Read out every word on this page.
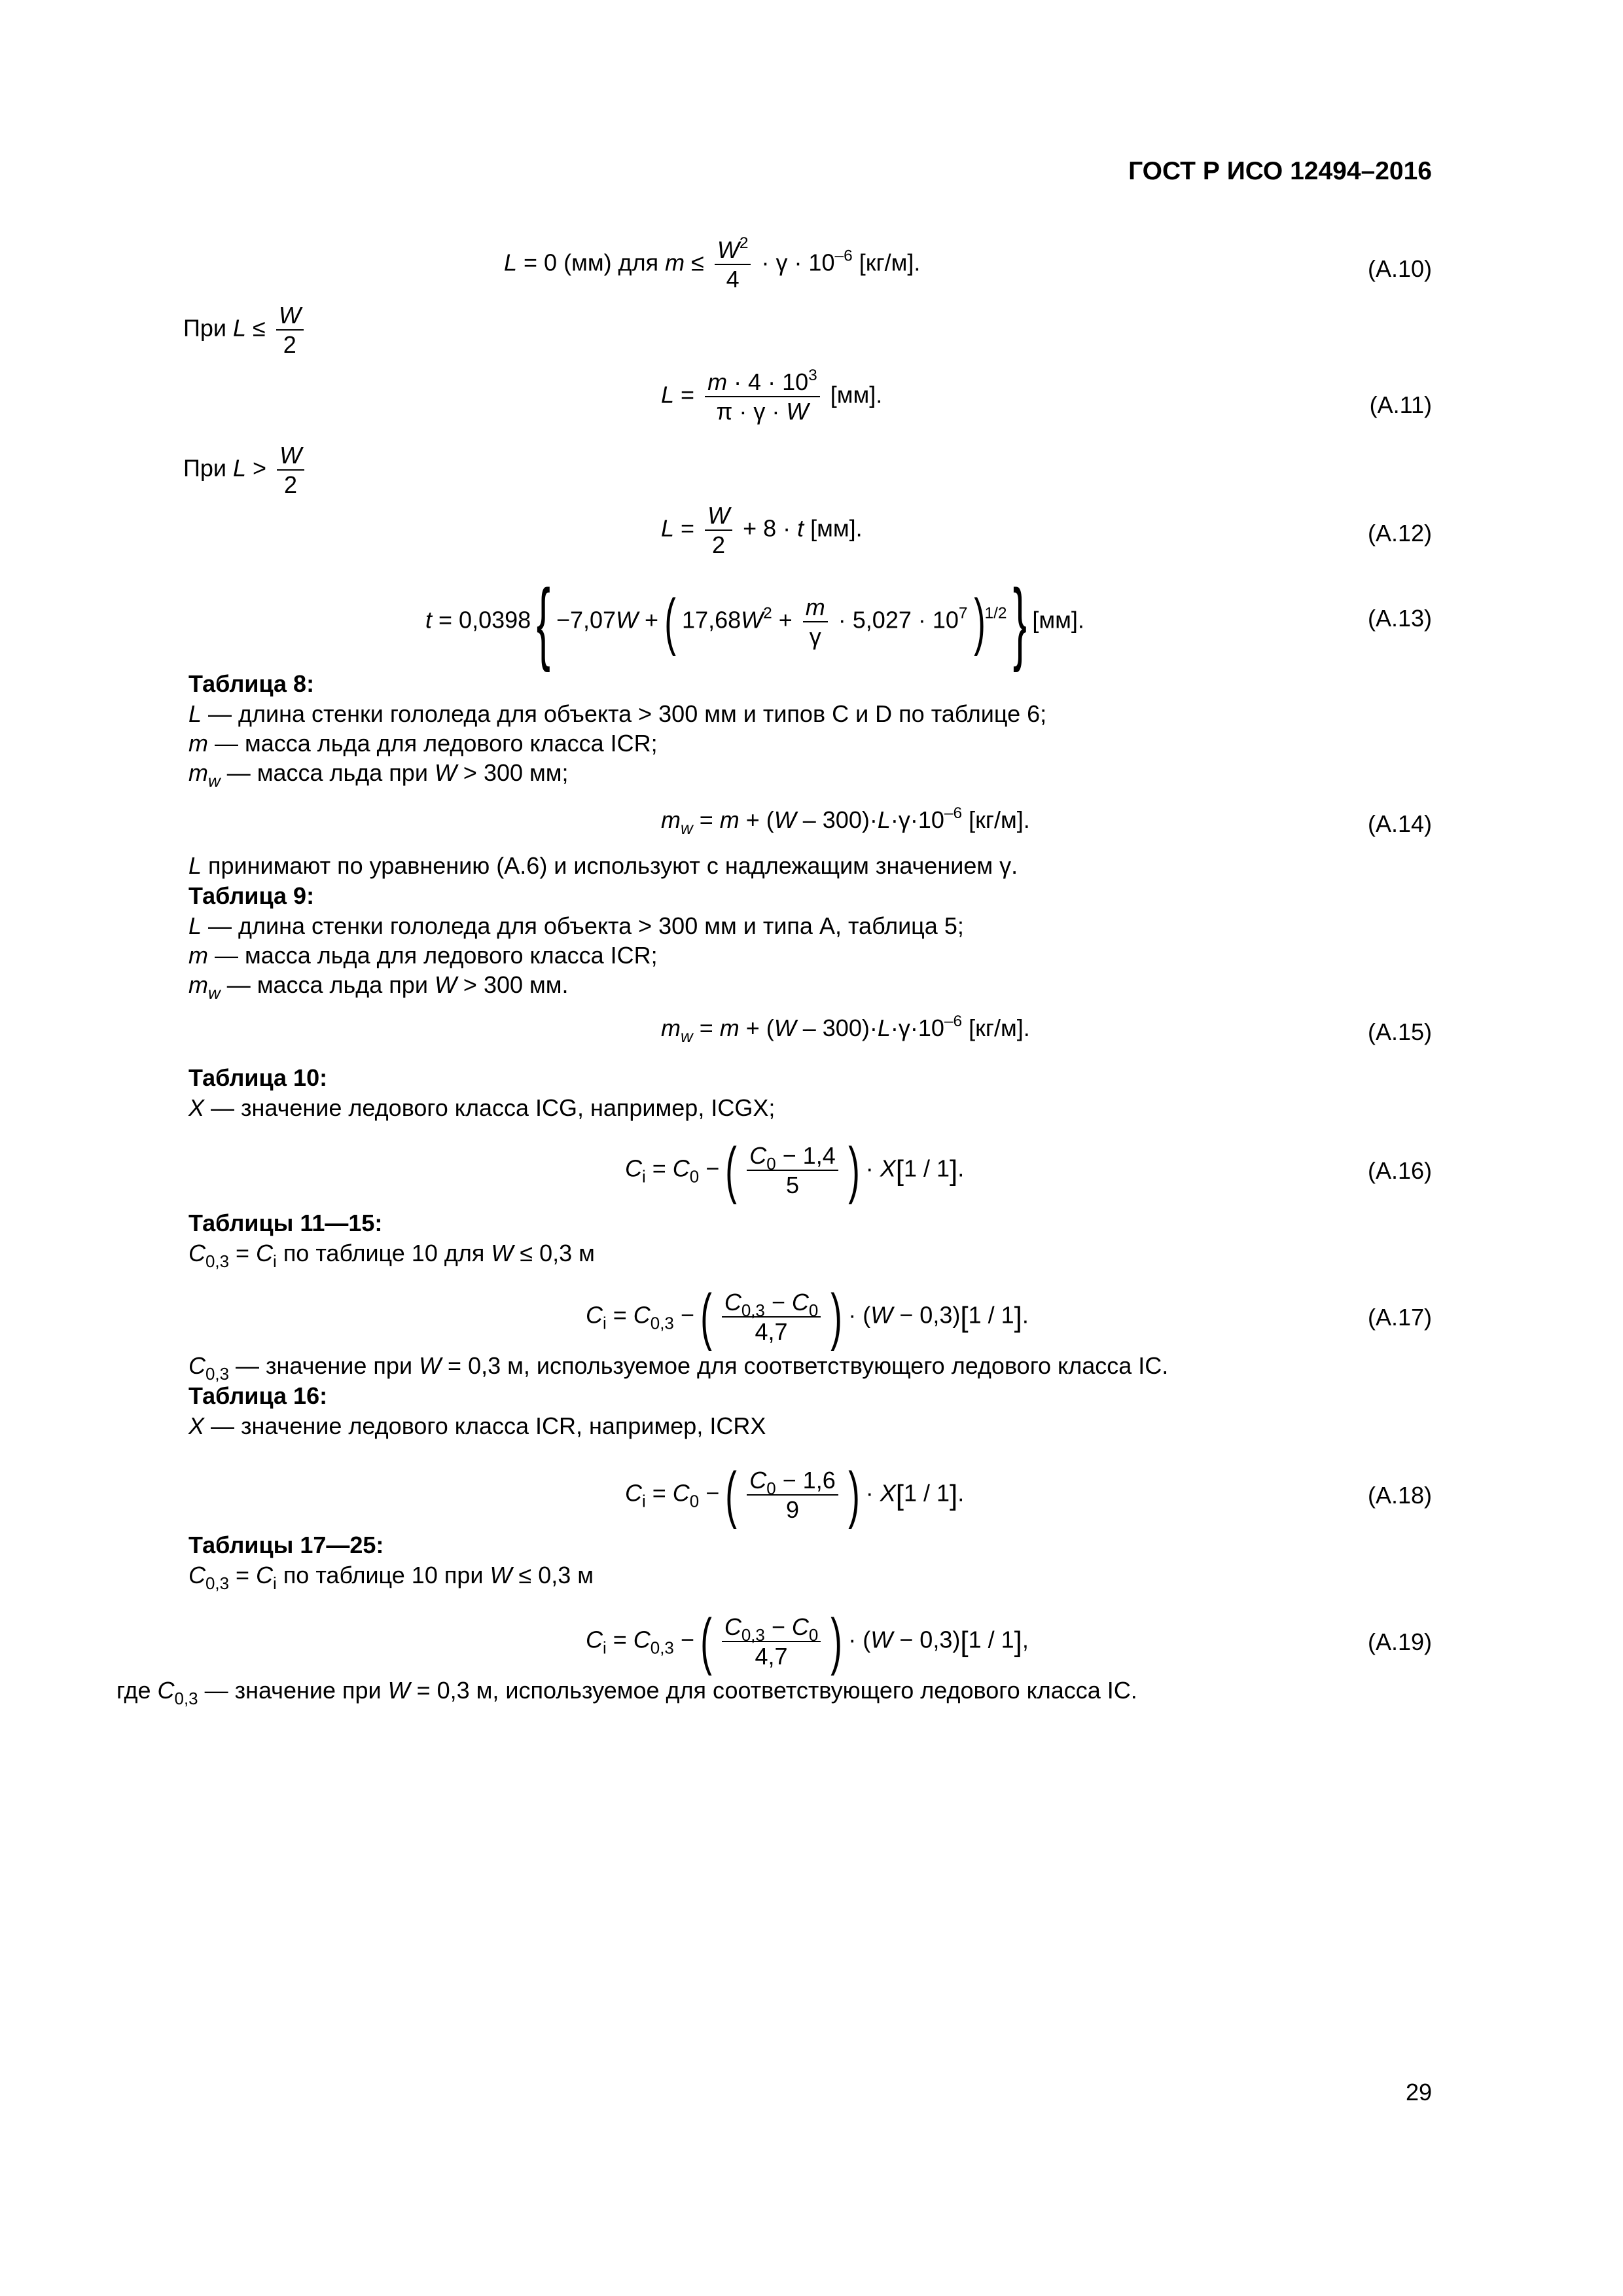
ГОСТ Р ИСО 12494–2016
L = 0 (мм) для $m \le \frac{W^2}{4} \cdot \gamma \cdot 10^{-6}$ [кг/м].	(A.10)
При $L \le \frac{W}{2}$
$L = \frac{m \cdot 4 \cdot 10^3}{\pi \cdot \gamma \cdot W} [мм]$.	(A.11)
При $L > \frac{W}{2}$
$L = \frac{W}{2} + 8 \cdot t$ [мм].	(A.12)
t = 0,0398 { −7,07W + ( $17,68W^2 + \frac{m}{\gamma} \cdot 5,027 \cdot 10^7$ )$^{1/2}$ } [мм].	(A.13)
Таблица 8:
L — длина стенки гололеда для объекта > 300 мм и типов C и D по таблице 6;
m — масса льда для ледового класса ICR;
$m_w$ — масса льда при W > 300 мм;
$m_w = m + (W - 300)\cdot L\cdot\gamma\cdot 10^{-6}$ [кг/м].	(A.14)
L принимают по уравнению (A.6) и используют с надлежащим значением γ.
Таблица 9:
L — длина стенки гололеда для объекта > 300 мм и типа A, таблица 5;
m — масса льда для ледового класса ICR;
$m_w$ — масса льда при W > 300 мм.
$m_w = m + (W - 300)\cdot L\cdot\gamma\cdot 10^{-6}$ [кг/м].	(A.15)
Таблица 10:
X — значение ледового класса ICG, например, ICGX;
$C_i = C_0$ − ( $\frac{C_0 - 1,4}{5}$ ) · X[1 / 1].	(A.16)
Таблицы 11—15:
$C_{0,3} = C_i$ по таблице 10 для W ≤ 0,3 м
$C_i = C_{0,3}$ − ( $\frac{C_{0,3} - C_0}{4,7}$ ) · (W − 0,3)[1 / 1].	(A.17)
$C_{0,3}$ — значение при W = 0,3 м, используемое для соответствующего ледового класса IC.
Таблица 16:
X — значение ледового класса ICR, например, ICRX
$C_i = C_0$ − ( $\frac{C_0 - 1,6}{9}$ ) · X[1 / 1].	(A.18)
Таблицы 17—25:
$C_{0,3} = C_i$ по таблице 10 при W ≤ 0,3 м
$C_i = C_{0,3}$ − ( $\frac{C_{0,3} - C_0}{4,7}$ ) · (W − 0,3)[1 / 1],	(A.19)
где $C_{0,3}$ — значение при W = 0,3 м, используемое для соответствующего ледового класса IC.
29
